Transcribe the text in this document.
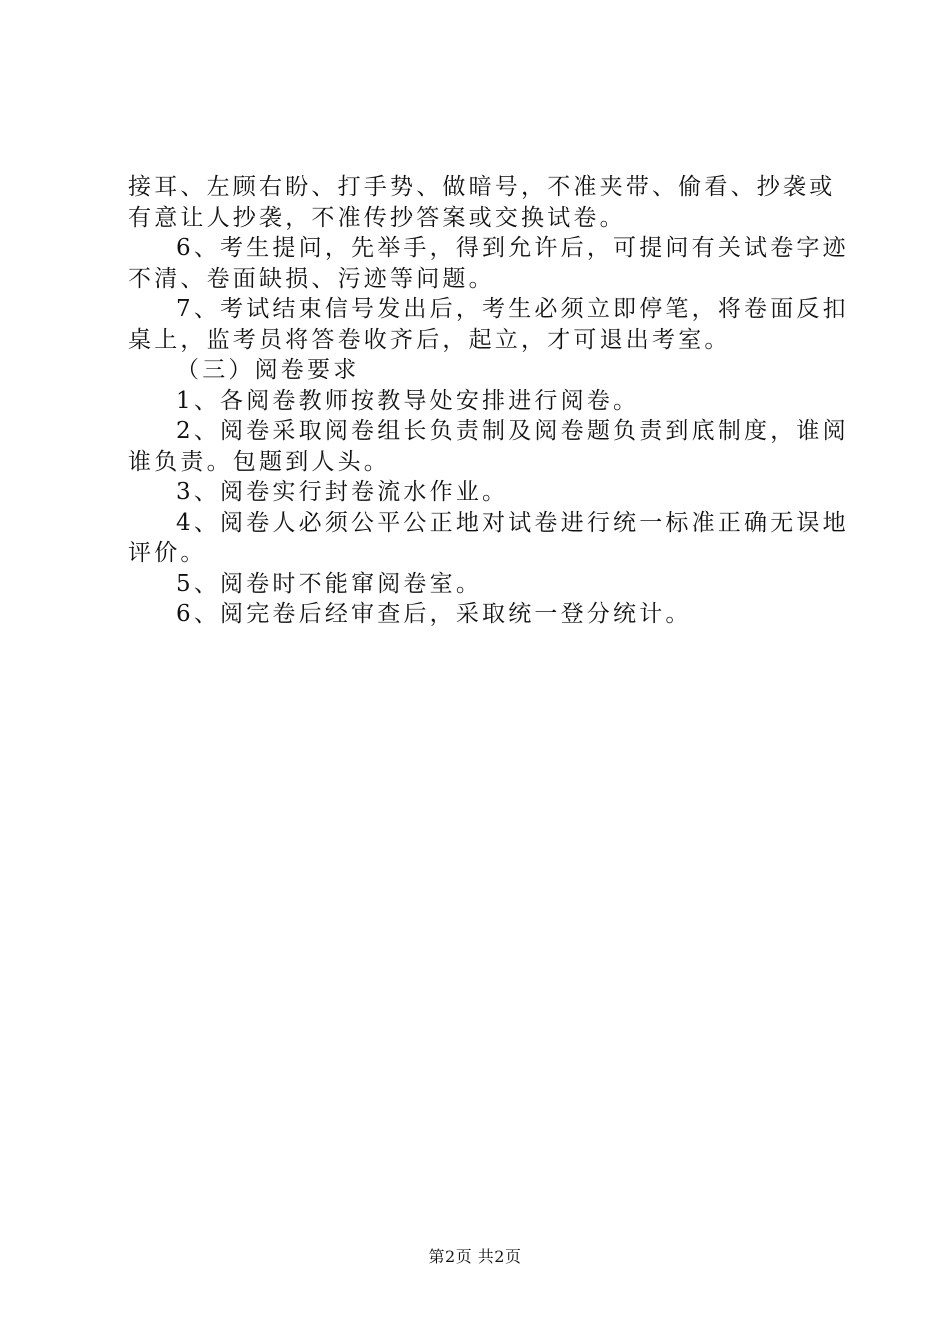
接耳、左顾右盼、打手势、做暗号，不准夹带、偷看、抄袭或
有意让人抄袭，不准传抄答案或交换试卷。
6、考生提问，先举手，得到允许后，可提问有关试卷字迹
不清、卷面缺损、污迹等问题。
7、考试结束信号发出后，考生必须立即停笔，将卷面反扣
桌上，监考员将答卷收齐后，起立，才可退出考室。
（三）阅卷要求
1、各阅卷教师按教导处安排进行阅卷。
2、阅卷采取阅卷组长负责制及阅卷题负责到底制度，谁阅
谁负责。包题到人头。
3、阅卷实行封卷流水作业。
4、阅卷人必须公平公正地对试卷进行统一标准正确无误地
评价。
5、阅卷时不能窜阅卷室。
6、阅完卷后经审查后，采取统一登分统计。
第2页 共2页
